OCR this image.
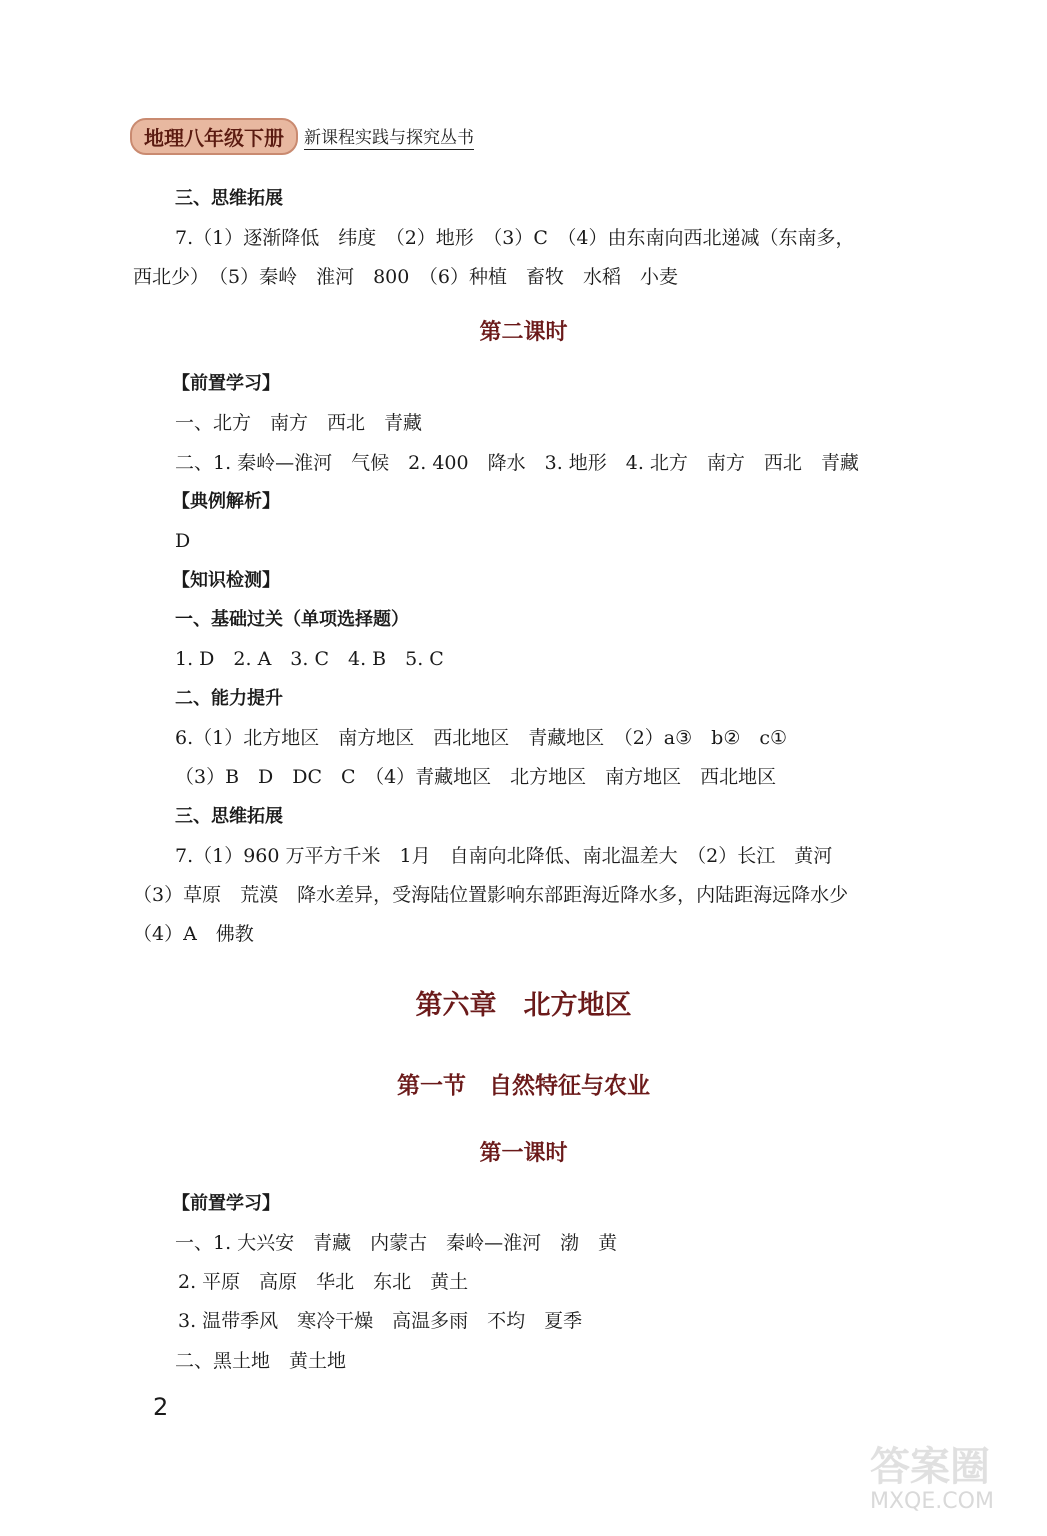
地理八年级下册	新课程实践与探究丛书
三、思维拓展
7.（1）逐渐降低　纬度　（2）地形　（3）C　（4）由东南向西北递减（东南多，
西北少）　（5）秦岭　淮河　800　（6）种植　畜牧　水稻　小麦
第二课时
【前置学习】
一、北方　南方　西北　青藏
二、1. 秦岭—淮河　气候　2. 400　降水　3. 地形　4. 北方　南方　西北　青藏
【典例解析】
D
【知识检测】
一、基础过关（单项选择题）
1. D　2. A　3. C　4. B　5. C
二、能力提升
6.（1）北方地区　南方地区　西北地区　青藏地区　（2）a③　b②　c①
（3）B　D　DC　C　（4）青藏地区　北方地区　南方地区　西北地区
三、思维拓展
7.（1）960 万平方千米　1月　自南向北降低、南北温差大　（2）长江　黄河
（3）草原　荒漠　降水差异，受海陆位置影响东部距海近降水多，内陆距海远降水少
（4）A　佛教
第六章　北方地区
第一节　自然特征与农业
第一课时
【前置学习】
一、1. 大兴安　青藏　内蒙古　秦岭—淮河　渤　黄
2. 平原　高原　华北　东北　黄土
3. 温带季风　寒冷干燥　高温多雨　不均　夏季
二、黑土地　黄土地
2
答案圈
MXQE.COM
